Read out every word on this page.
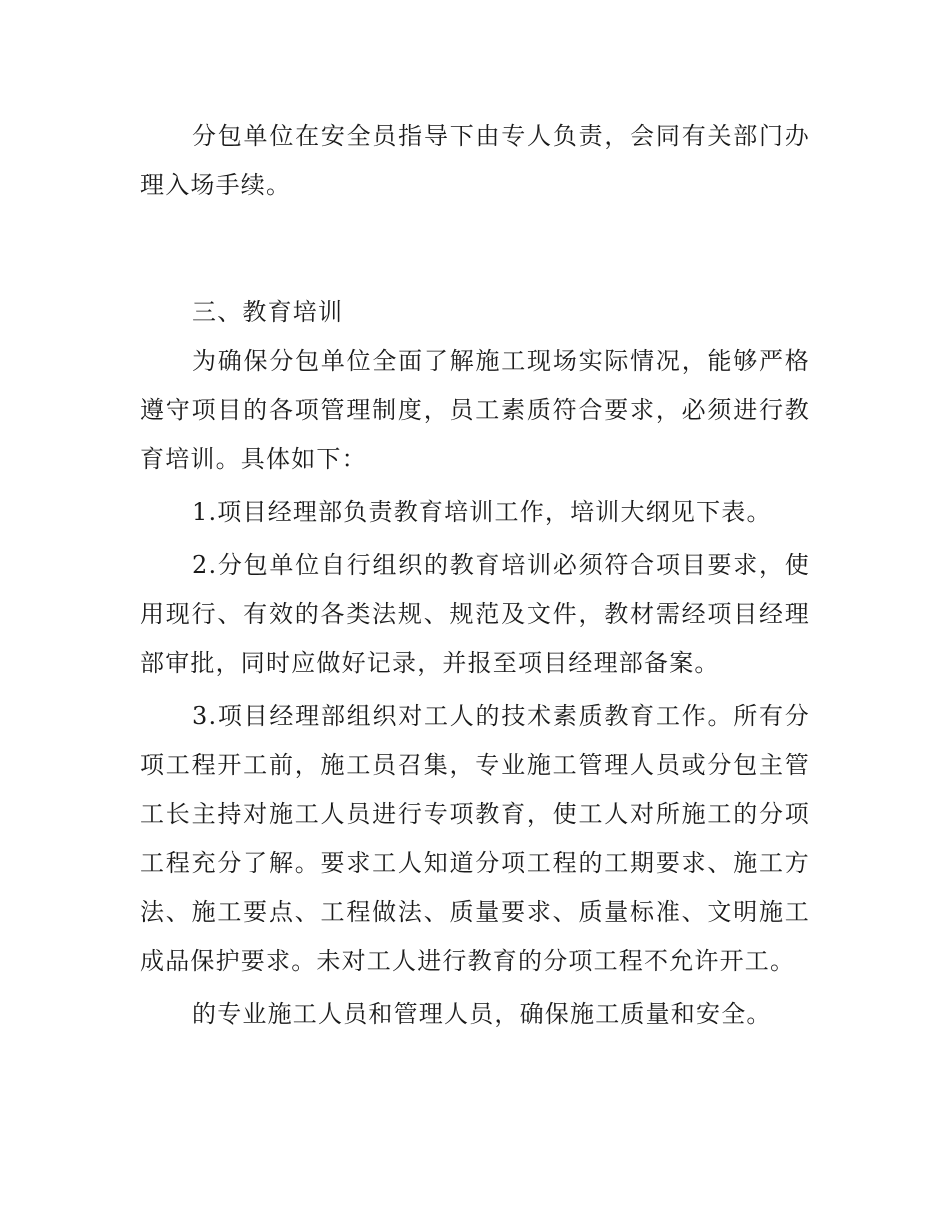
分包单位在安全员指导下由专人负责，会同有关部门办理入场手续。

三、教育培训

为确保分包单位全面了解施工现场实际情况，能够严格遵守项目的各项管理制度，员工素质符合要求，必须进行教育培训。具体如下：

1.项目经理部负责教育培训工作，培训大纲见下表。

2.分包单位自行组织的教育培训必须符合项目要求，使用现行、有效的各类法规、规范及文件，教材需经项目经理部审批，同时应做好记录，并报至项目经理部备案。

3.项目经理部组织对工人的技术素质教育工作。所有分项工程开工前，施工员召集，专业施工管理人员或分包主管工长主持对施工人员进行专项教育，使工人对所施工的分项工程充分了解。要求工人知道分项工程的工期要求、施工方法、施工要点、工程做法、质量要求、质量标准、文明施工成品保护要求。未对工人进行教育的分项工程不允许开工。

的专业施工人员和管理人员，确保施工质量和安全。
